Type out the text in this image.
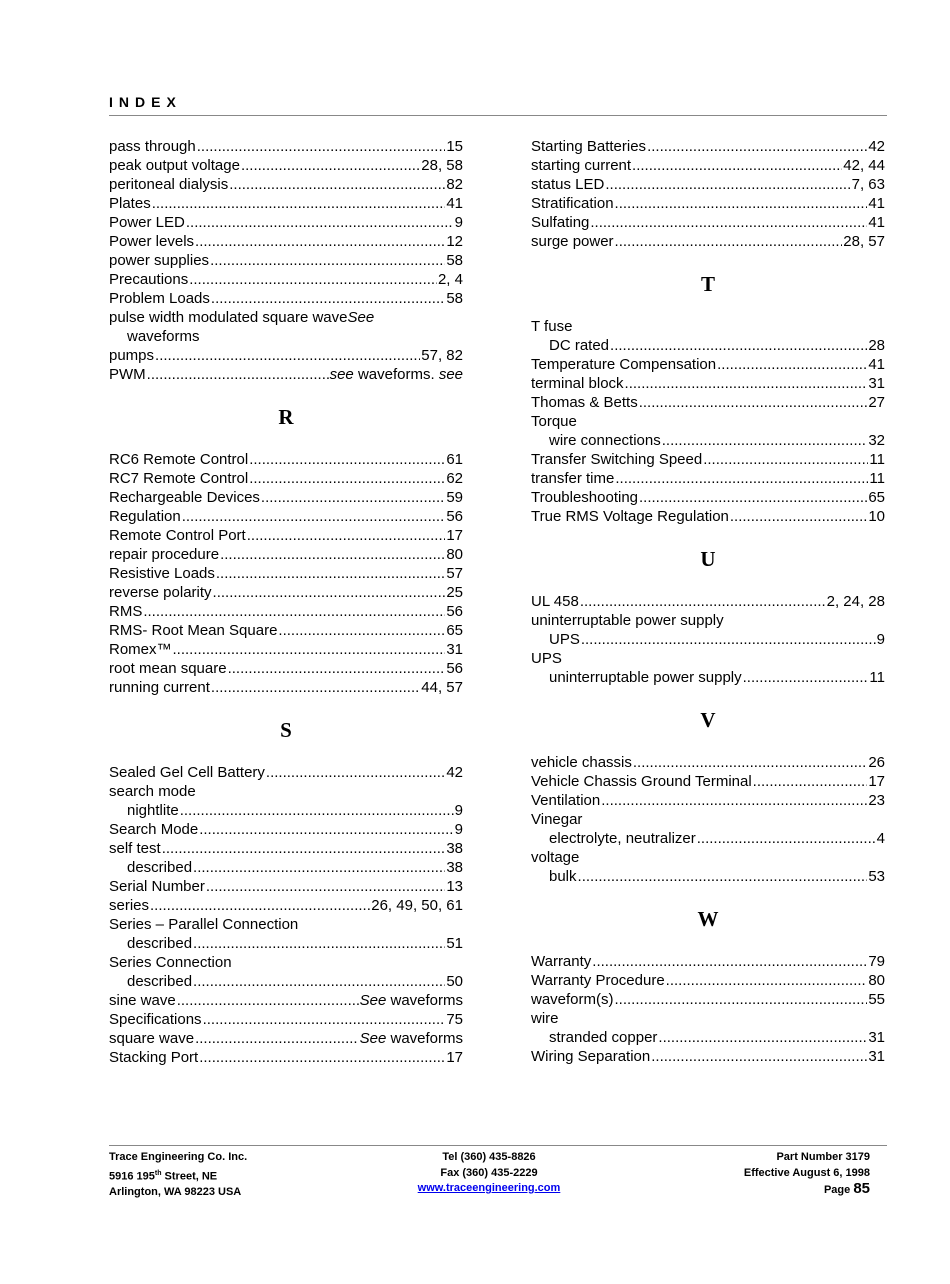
INDEX
pass through .....	15
peak output voltage .....	28, 58
peritoneal dialysis .....	82
Plates .....	41
Power LED .....	9
Power levels .....	12
power supplies .....	58
Precautions .....	2, 4
Problem Loads .....	58
pulse width modulated square waveSee
waveforms
pumps .....	57, 82
PWM .....	see waveforms. see
R
RC6 Remote Control .....	61
RC7 Remote Control .....	62
Rechargeable Devices .....	59
Regulation .....	56
Remote Control Port .....	17
repair procedure .....	80
Resistive Loads .....	57
reverse polarity .....	25
RMS .....	56
RMS- Root Mean Square .....	65
Romex™ .....	31
root mean square .....	56
running current .....	44, 57
S
Sealed Gel Cell Battery .....	42
search mode
nightlite .....	9
Search Mode .....	9
self test .....	38
described .....	38
Serial Number .....	13
series .....	26, 49, 50, 61
Series – Parallel Connection
described .....	51
Series Connection
described .....	50
sine wave .....	See waveforms
Specifications .....	75
square wave .....	See waveforms
Stacking Port .....	17
Starting Batteries .....	42
starting current .....	42, 44
status LED .....	7, 63
Stratification .....	41
Sulfating .....	41
surge power .....	28, 57
T
T fuse
DC rated .....	28
Temperature Compensation .....	41
terminal block .....	31
Thomas & Betts .....	27
Torque
wire connections .....	32
Transfer Switching Speed .....	11
transfer time .....	11
Troubleshooting .....	65
True RMS Voltage Regulation .....	10
U
UL 458 .....	2, 24, 28
uninterruptable power supply
UPS .....	9
UPS
uninterruptable power supply .....	11
V
vehicle chassis .....	26
Vehicle Chassis Ground Terminal .....	17
Ventilation .....	23
Vinegar
electrolyte, neutralizer .....	4
voltage
bulk .....	53
W
Warranty .....	79
Warranty Procedure .....	80
waveform(s) .....	55
wire
stranded copper .....	31
Wiring Separation .....	31
Trace Engineering Co. Inc.
5916 195th Street, NE
Arlington, WA 98223 USA
Tel (360) 435-8826
Fax (360) 435-2229
www.traceengineering.com
Part Number 3179
Effective August 6, 1998
Page 85
